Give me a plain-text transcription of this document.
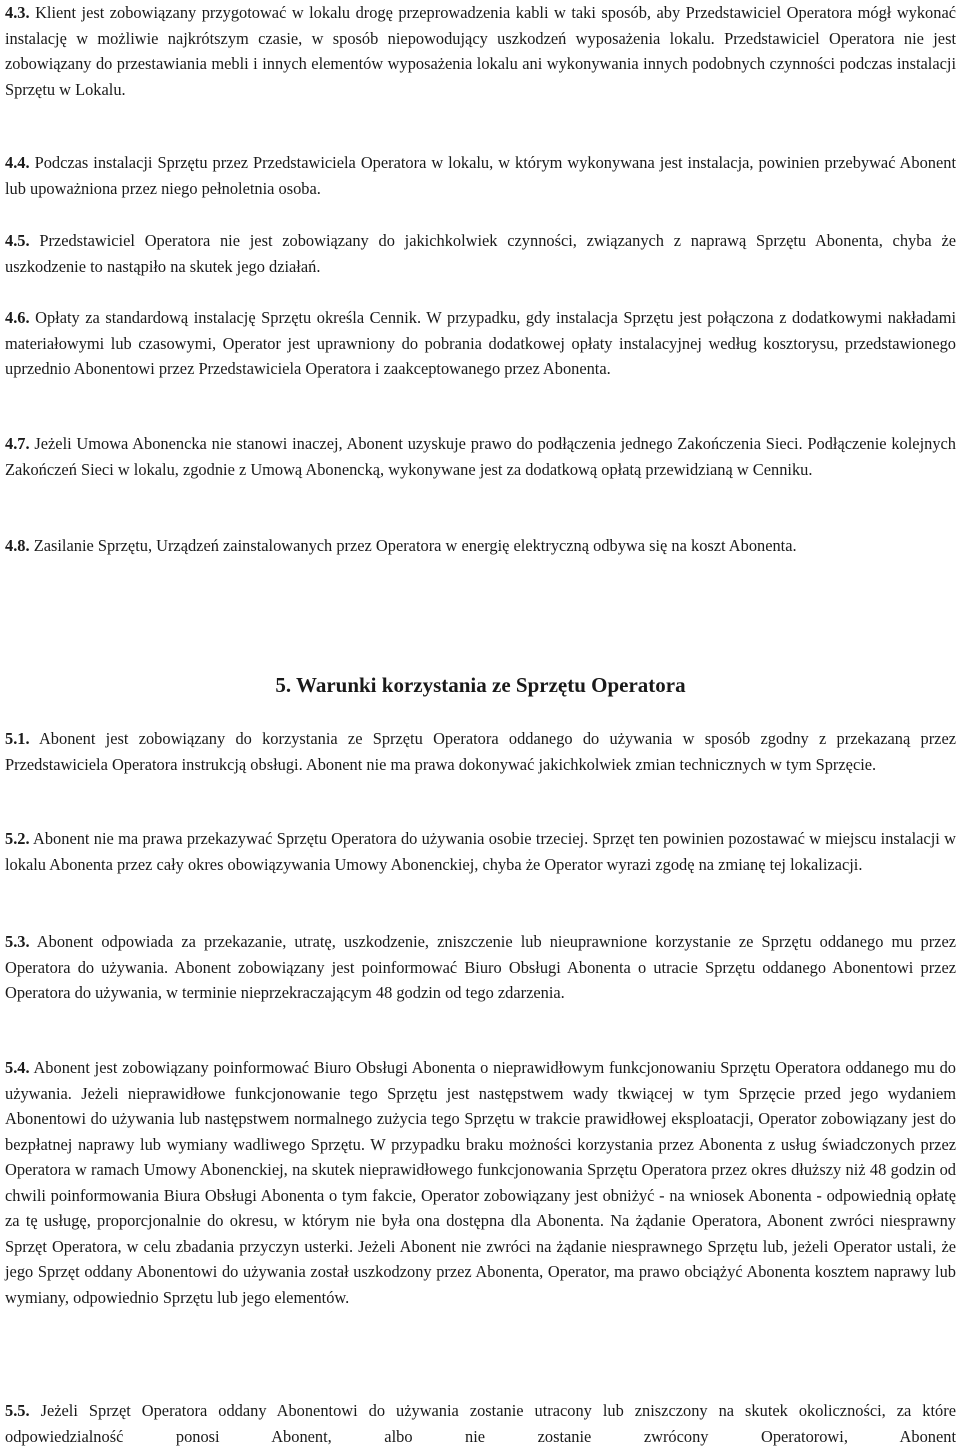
4.3. Klient jest zobowiązany przygotować w lokalu drogę przeprowadzenia kabli w taki sposób, aby Przedstawiciel Operatora mógł wykonać instalację w możliwie najkrótszym czasie, w sposób niepowodujący uszkodzeń wyposażenia lokalu. Przedstawiciel Operatora nie jest zobowiązany do przestawiania mebli i innych elementów wyposażenia lokalu ani wykonywania innych podobnych czynności podczas instalacji Sprzętu w Lokalu.

4.4. Podczas instalacji Sprzętu przez Przedstawiciela Operatora w lokalu, w którym wykonywana jest instalacja, powinien przebywać Abonent lub upoważniona przez niego pełnoletnia osoba.

4.5. Przedstawiciel Operatora nie jest zobowiązany do jakichkolwiek czynności, związanych z naprawą Sprzętu Abonenta, chyba że uszkodzenie to nastąpiło na skutek jego działań.

4.6. Opłaty za standardową instalację Sprzętu określa Cennik. W przypadku, gdy instalacja Sprzętu jest połączona z dodatkowymi nakładami materiałowymi lub czasowymi, Operator jest uprawniony do pobrania dodatkowej opłaty instalacyjnej według kosztorysu, przedstawionego uprzednio Abonentowi przez Przedstawiciela Operatora i zaakceptowanego przez Abonenta.

4.7. Jeżeli Umowa Abonencka nie stanowi inaczej, Abonent uzyskuje prawo do podłączenia jednego Zakończenia Sieci. Podłączenie kolejnych Zakończeń Sieci w lokalu, zgodnie z Umową Abonencką, wykonywane jest za dodatkową opłatą przewidzianą w Cenniku.

4.8. Zasilanie Sprzętu, Urządzeń zainstalowanych przez Operatora w energię elektryczną odbywa się na koszt Abonenta.

5. Warunki korzystania ze Sprzętu Operatora

5.1. Abonent jest zobowiązany do korzystania ze Sprzętu Operatora oddanego do używania w sposób zgodny z przekazaną przez Przedstawiciela Operatora instrukcją obsługi. Abonent nie ma prawa dokonywać jakichkolwiek zmian technicznych w tym Sprzęcie.

5.2. Abonent nie ma prawa przekazywać Sprzętu Operatora do używania osobie trzeciej. Sprzęt ten powinien pozostawać w miejscu instalacji w lokalu Abonenta przez cały okres obowiązywania Umowy Abonenckiej, chyba że Operator wyrazi zgodę na zmianę tej lokalizacji.

5.3. Abonent odpowiada za przekazanie, utratę, uszkodzenie, zniszczenie lub nieuprawnione korzystanie ze Sprzętu oddanego mu przez Operatora do używania. Abonent zobowiązany jest poinformować Biuro Obsługi Abonenta o utracie Sprzętu oddanego Abonentowi przez Operatora do używania, w terminie nieprzekraczającym 48 godzin od tego zdarzenia.

5.4. Abonent jest zobowiązany poinformować Biuro Obsługi Abonenta o nieprawidłowym funkcjonowaniu Sprzętu Operatora oddanego mu do używania. Jeżeli nieprawidłowe funkcjonowanie tego Sprzętu jest następstwem wady tkwiącej w tym Sprzęcie przed jego wydaniem Abonentowi do używania lub następstwem normalnego zużycia tego Sprzętu w trakcie prawidłowej eksploatacji, Operator zobowiązany jest do bezpłatnej naprawy lub wymiany wadliwego Sprzętu. W przypadku braku możności korzystania przez Abonenta z usług świadczonych przez Operatora w ramach Umowy Abonenckiej, na skutek nieprawidłowego funkcjonowania Sprzętu Operatora przez okres dłuższy niż 48 godzin od chwili poinformowania Biura Obsługi Abonenta o tym fakcie, Operator zobowiązany jest obniżyć - na wniosek Abonenta - odpowiednią opłatę za tę usługę, proporcjonalnie do okresu, w którym nie była ona dostępna dla Abonenta. Na żądanie Operatora, Abonent zwróci niesprawny Sprzęt Operatora, w celu zbadania przyczyn usterki. Jeżeli Abonent nie zwróci na żądanie niesprawnego Sprzętu lub, jeżeli Operator ustali, że jego Sprzęt oddany Abonentowi do używania został uszkodzony przez Abonenta, Operator, ma prawo obciążyć Abonenta kosztem naprawy lub wymiany, odpowiednio Sprzętu lub jego elementów.

5.5. Jeżeli Sprzęt Operatora oddany Abonentowi do używania zostanie utracony lub zniszczony na skutek okoliczności, za które odpowiedzialność ponosi Abonent, albo nie zostanie zwrócony Operatorowi, Abonent
